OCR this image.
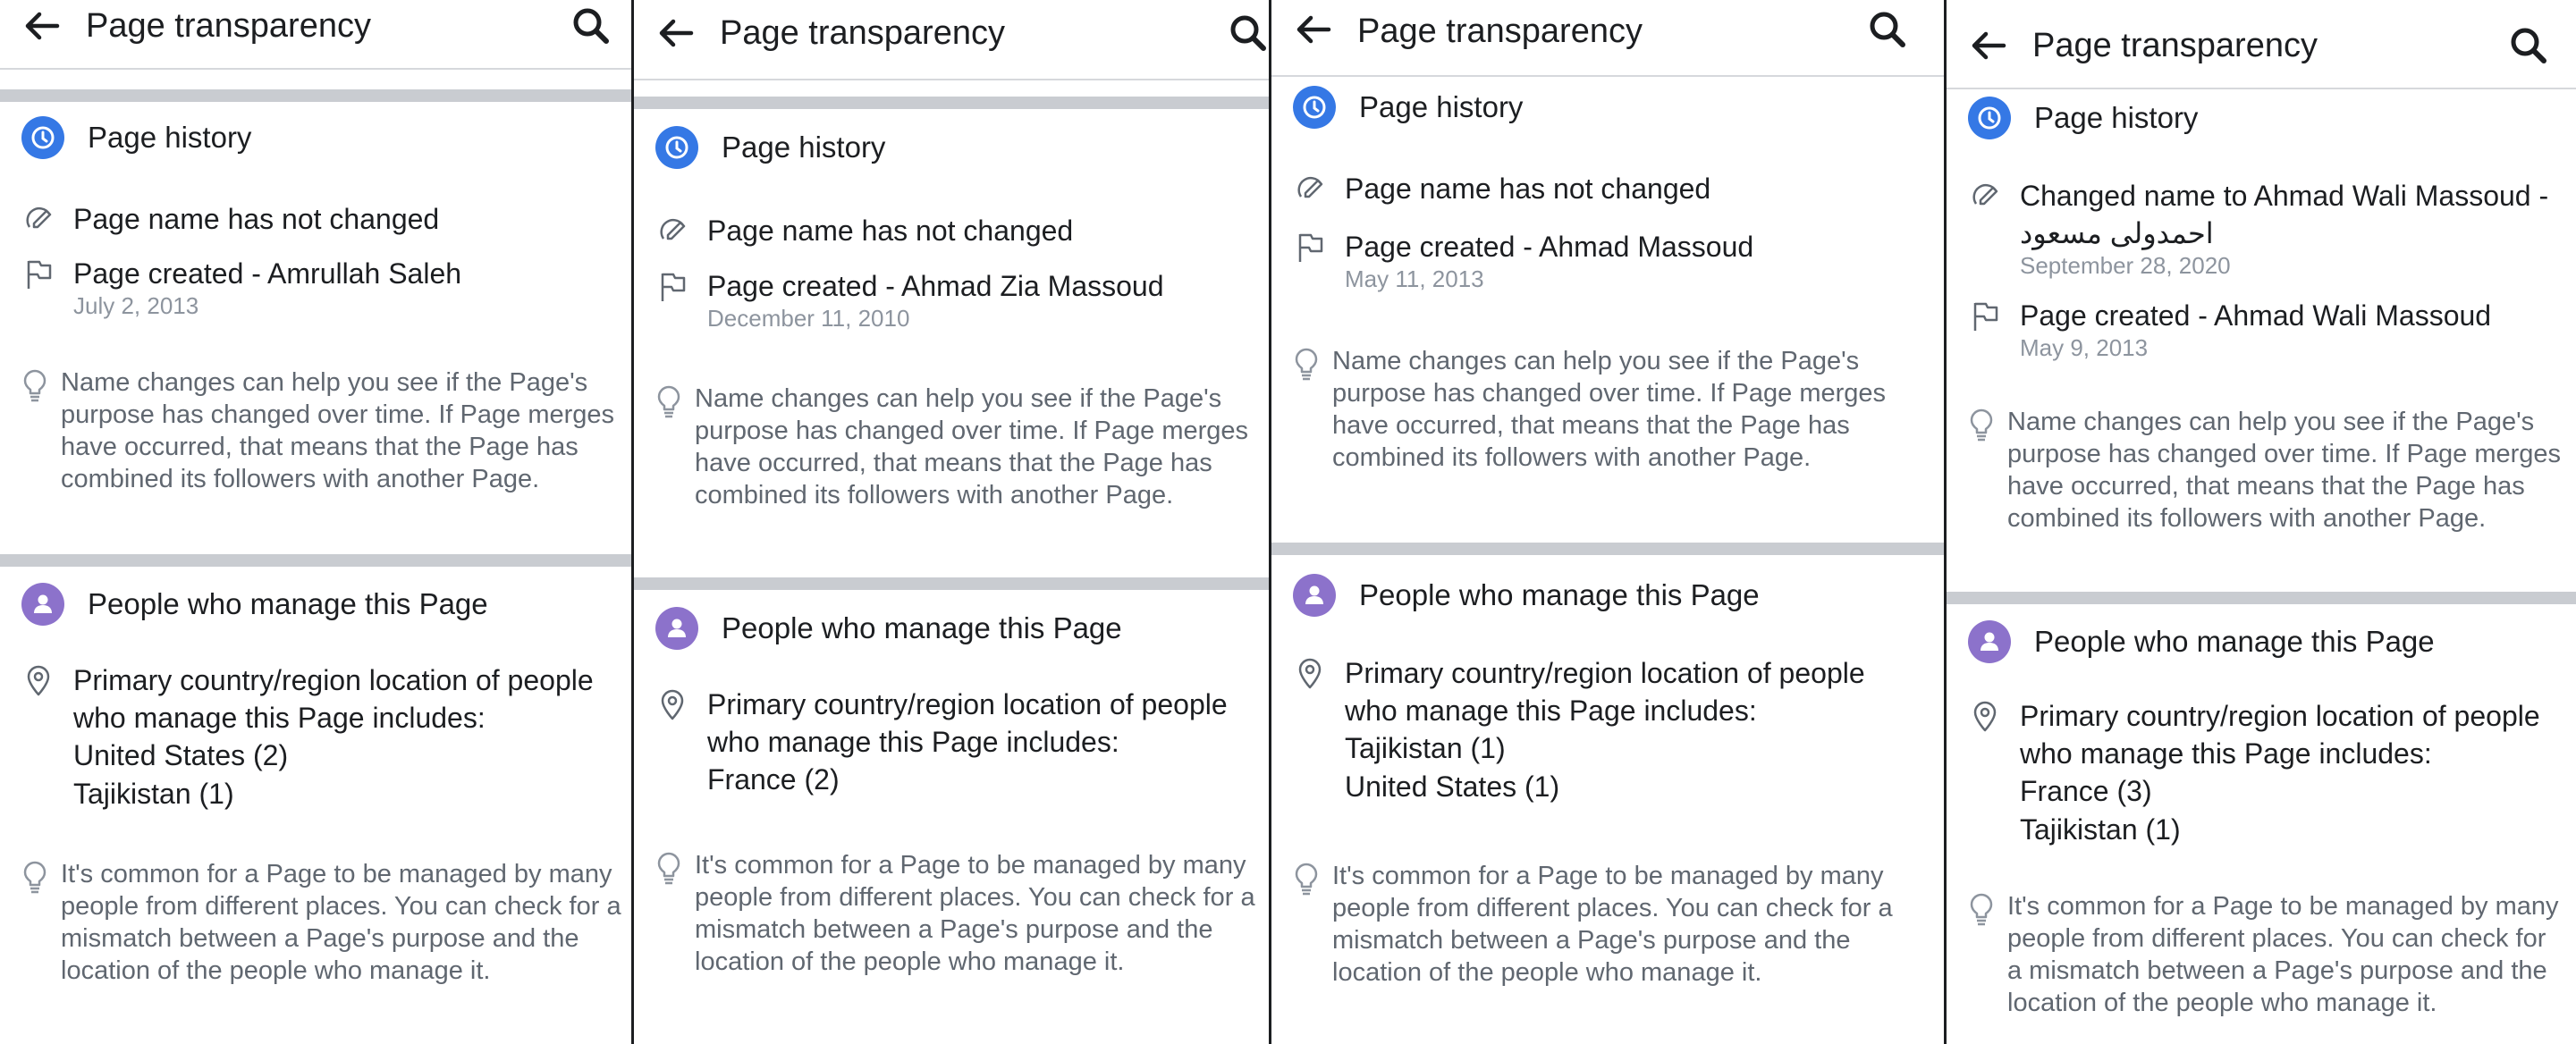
Page transparency
Page history
Page name has not changed
Page created - Amrullah Saleh
July 2, 2013
Name changes can help you see if the Page's purpose has changed over time. If Page merges have occurred, that means that the Page has combined its followers with another Page.
People who manage this Page
Primary country/region location of people who manage this Page includes:
United States (2)
Tajikistan (1)
It's common for a Page to be managed by many people from different places. You can check for a mismatch between a Page's purpose and the location of the people who manage it.
Page transparency
Page history
Page name has not changed
Page created - Ahmad Zia Massoud
December 11, 2010
Name changes can help you see if the Page's purpose has changed over time. If Page merges have occurred, that means that the Page has combined its followers with another Page.
People who manage this Page
Primary country/region location of people who manage this Page includes:
France (2)
It's common for a Page to be managed by many people from different places. You can check for a mismatch between a Page's purpose and the location of the people who manage it.
Page transparency
Page history
Page name has not changed
Page created - Ahmad Massoud
May 11, 2013
Name changes can help you see if the Page's purpose has changed over time. If Page merges have occurred, that means that the Page has combined its followers with another Page.
People who manage this Page
Primary country/region location of people who manage this Page includes:
Tajikistan (1)
United States (1)
It's common for a Page to be managed by many people from different places. You can check for a mismatch between a Page's purpose and the location of the people who manage it.
Page transparency
Page history
Changed name to Ahmad Wali Massoud - احمدولی مسعود
September 28, 2020
Page created - Ahmad Wali Massoud
May 9, 2013
Name changes can help you see if the Page's purpose has changed over time. If Page merges have occurred, that means that the Page has combined its followers with another Page.
People who manage this Page
Primary country/region location of people who manage this Page includes:
France (3)
Tajikistan (1)
It's common for a Page to be managed by many people from different places. You can check for a mismatch between a Page's purpose and the location of the people who manage it.
